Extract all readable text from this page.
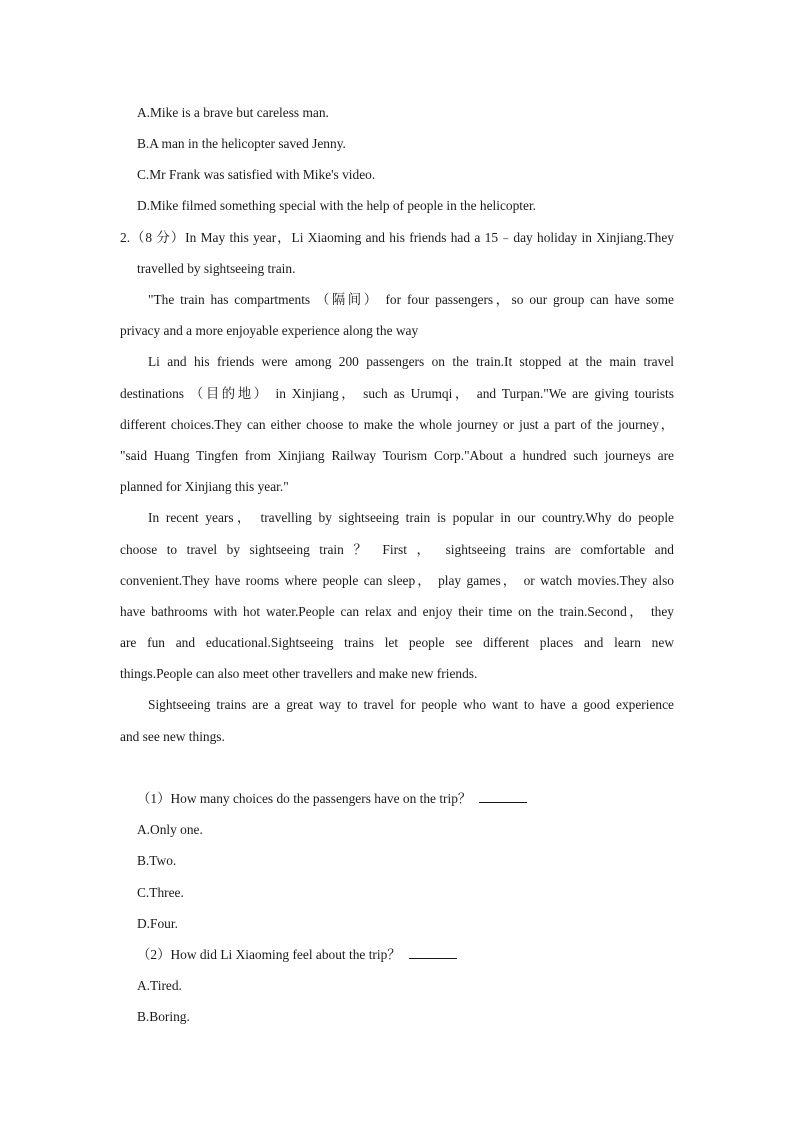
A.Mike is a brave but careless man.
B.A man in the helicopter saved Jenny.
C.Mr Frank was satisfied with Mike's video.
D.Mike filmed something special with the help of people in the helicopter.
2.（8 分）In May this year，Li Xiaoming and his friends had a 15﹣day holiday in Xinjiang.They
travelled by sightseeing train.
"The train has compartments （隔间） for four passengers，so our group can have some
privacy and a more enjoyable experience along the way
Li and his friends were among 200 passengers on the train.It stopped at the main travel
destinations （目的地） in Xinjiang， such as Urumqi， and Turpan."We are giving tourists
different choices.They can either choose to make the whole journey or just a part of the journey，
"said Huang Tingfen from Xinjiang Railway Tourism Corp."About a hundred such journeys are
planned for Xinjiang this year."
In recent years， travelling by sightseeing train is popular in our country.Why do people
choose to travel by sightseeing train ？ First ， sightseeing trains are comfortable and
convenient.They have rooms where people can sleep， play games， or watch movies.They also
have bathrooms with hot water.People can relax and enjoy their time on the train.Second， they
are fun and educational.Sightseeing trains let people see different places and learn new
things.People can also meet other travellers and make new friends.
Sightseeing trains are a great way to travel for people who want to have a good experience
and see new things.
（1）How many choices do the passengers have on the trip？
A.Only one.
B.Two.
C.Three.
D.Four.
（2）How did Li Xiaoming feel about the trip？
A.Tired.
B.Boring.
